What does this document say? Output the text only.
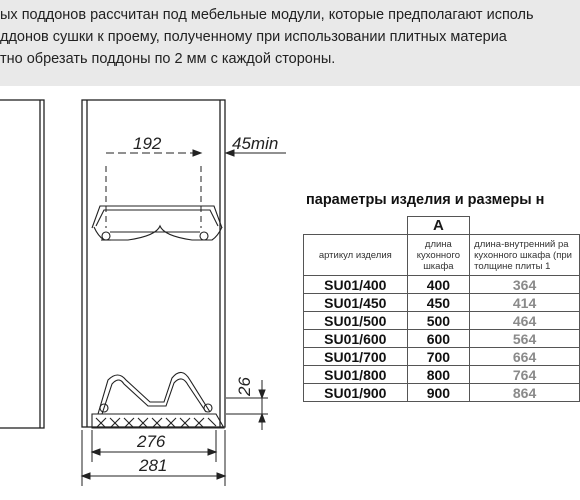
ых поддонов рассчитан под мебельные модули, которые предполагают исполь

ддонов сушки к проему, полученному при использовании плитных материа

тно обрезать поддоны по 2 мм с каждой стороны.

192	45min
26
276
281
параметры изделия и размеры н
	A	
артикул изделия	длина кухонного шкафа	длина-внутренний ра кухонного шкафа (при толщине плиты 1
SU01/400	400	364
SU01/450	450	414
SU01/500	500	464
SU01/600	600	564
SU01/700	700	664
SU01/800	800	764
SU01/900	900	864
